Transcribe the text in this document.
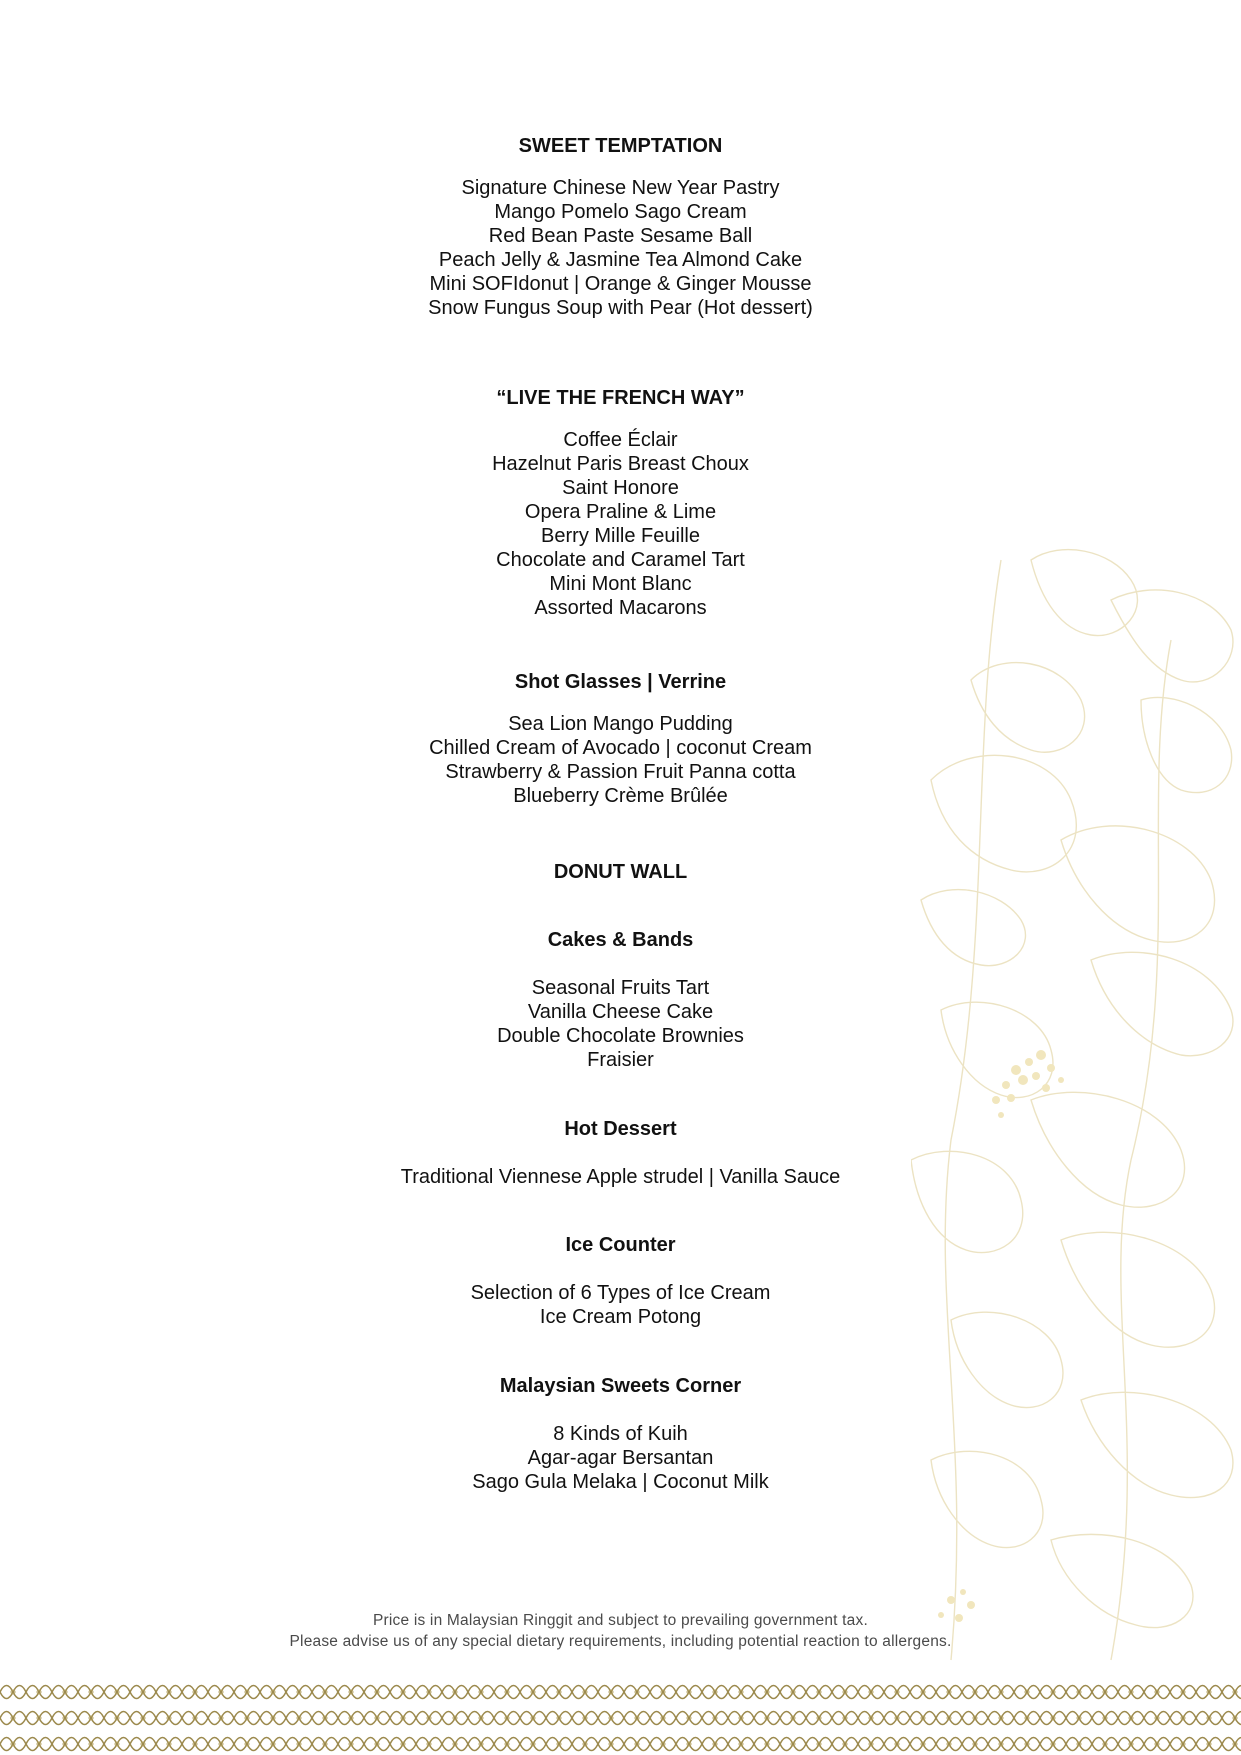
SWEET TEMPTATION
Signature Chinese New Year Pastry
Mango Pomelo Sago Cream
Red Bean Paste Sesame Ball
Peach Jelly & Jasmine Tea Almond Cake
Mini SOFIdonut | Orange & Ginger Mousse
Snow Fungus Soup with Pear (Hot dessert)
“LIVE THE FRENCH WAY”
Coffee Éclair
Hazelnut Paris Breast Choux
Saint Honore
Opera Praline & Lime
Berry Mille Feuille
Chocolate and Caramel Tart
Mini Mont Blanc
Assorted Macarons
Shot Glasses | Verrine
Sea Lion Mango Pudding
Chilled Cream of Avocado | coconut Cream
Strawberry & Passion Fruit Panna cotta
Blueberry Crème Brûlée
DONUT WALL
Cakes & Bands
Seasonal Fruits Tart
Vanilla Cheese Cake
Double Chocolate Brownies
Fraisier
Hot Dessert
Traditional Viennese Apple strudel | Vanilla Sauce
Ice Counter
Selection of 6 Types of Ice Cream
Ice Cream Potong
Malaysian Sweets Corner
8 Kinds of Kuih
Agar-agar Bersantan
Sago Gula Melaka | Coconut Milk
Price is in Malaysian Ringgit and subject to prevailing government tax.
Please advise us of any special dietary requirements, including potential reaction to allergens.
